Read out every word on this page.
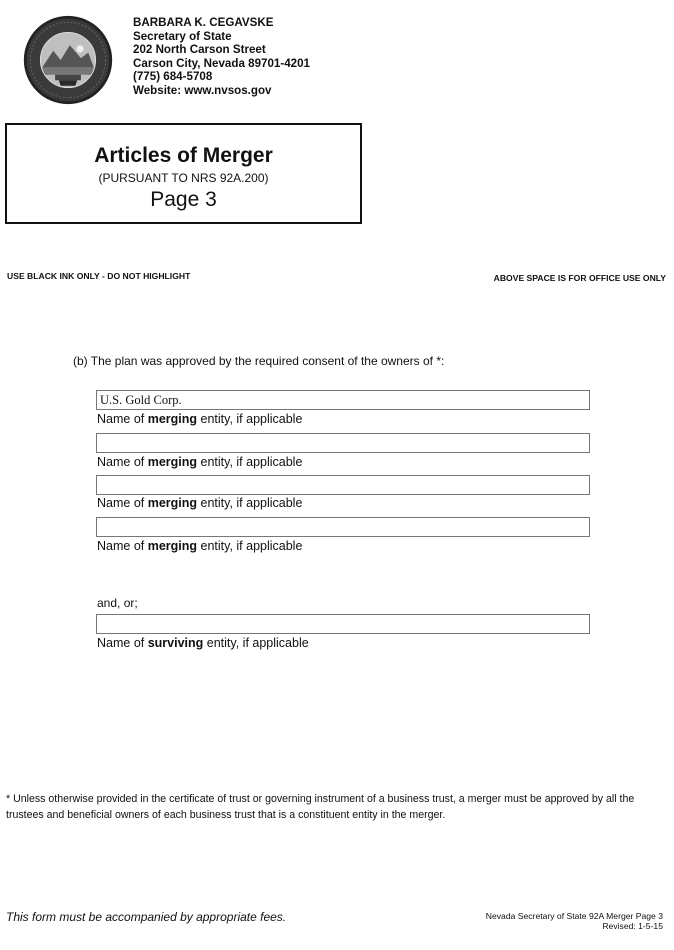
BARBARA K. CEGAVSKE
Secretary of State
202 North Carson Street
Carson City, Nevada 89701-4201
(775) 684-5708
Website: www.nvsos.gov
Articles of Merger
(PURSUANT TO NRS 92A.200)
Page 3
USE BLACK INK ONLY - DO NOT HIGHLIGHT	ABOVE SPACE IS FOR OFFICE USE ONLY
(b) The plan was approved by the required consent of the owners of *:
U.S. Gold Corp.
Name of merging entity, if applicable
Name of merging entity, if applicable
Name of merging entity, if applicable
Name of merging entity, if applicable
and, or;
Name of surviving entity, if applicable
* Unless otherwise provided in the certificate of trust or governing instrument of a business trust, a merger must be approved by all the trustees and beneficial owners of each business trust that is a constituent entity in the merger.
This form must be accompanied by appropriate fees.	Nevada Secretary of State 92A Merger Page 3
Revised: 1-5-15
